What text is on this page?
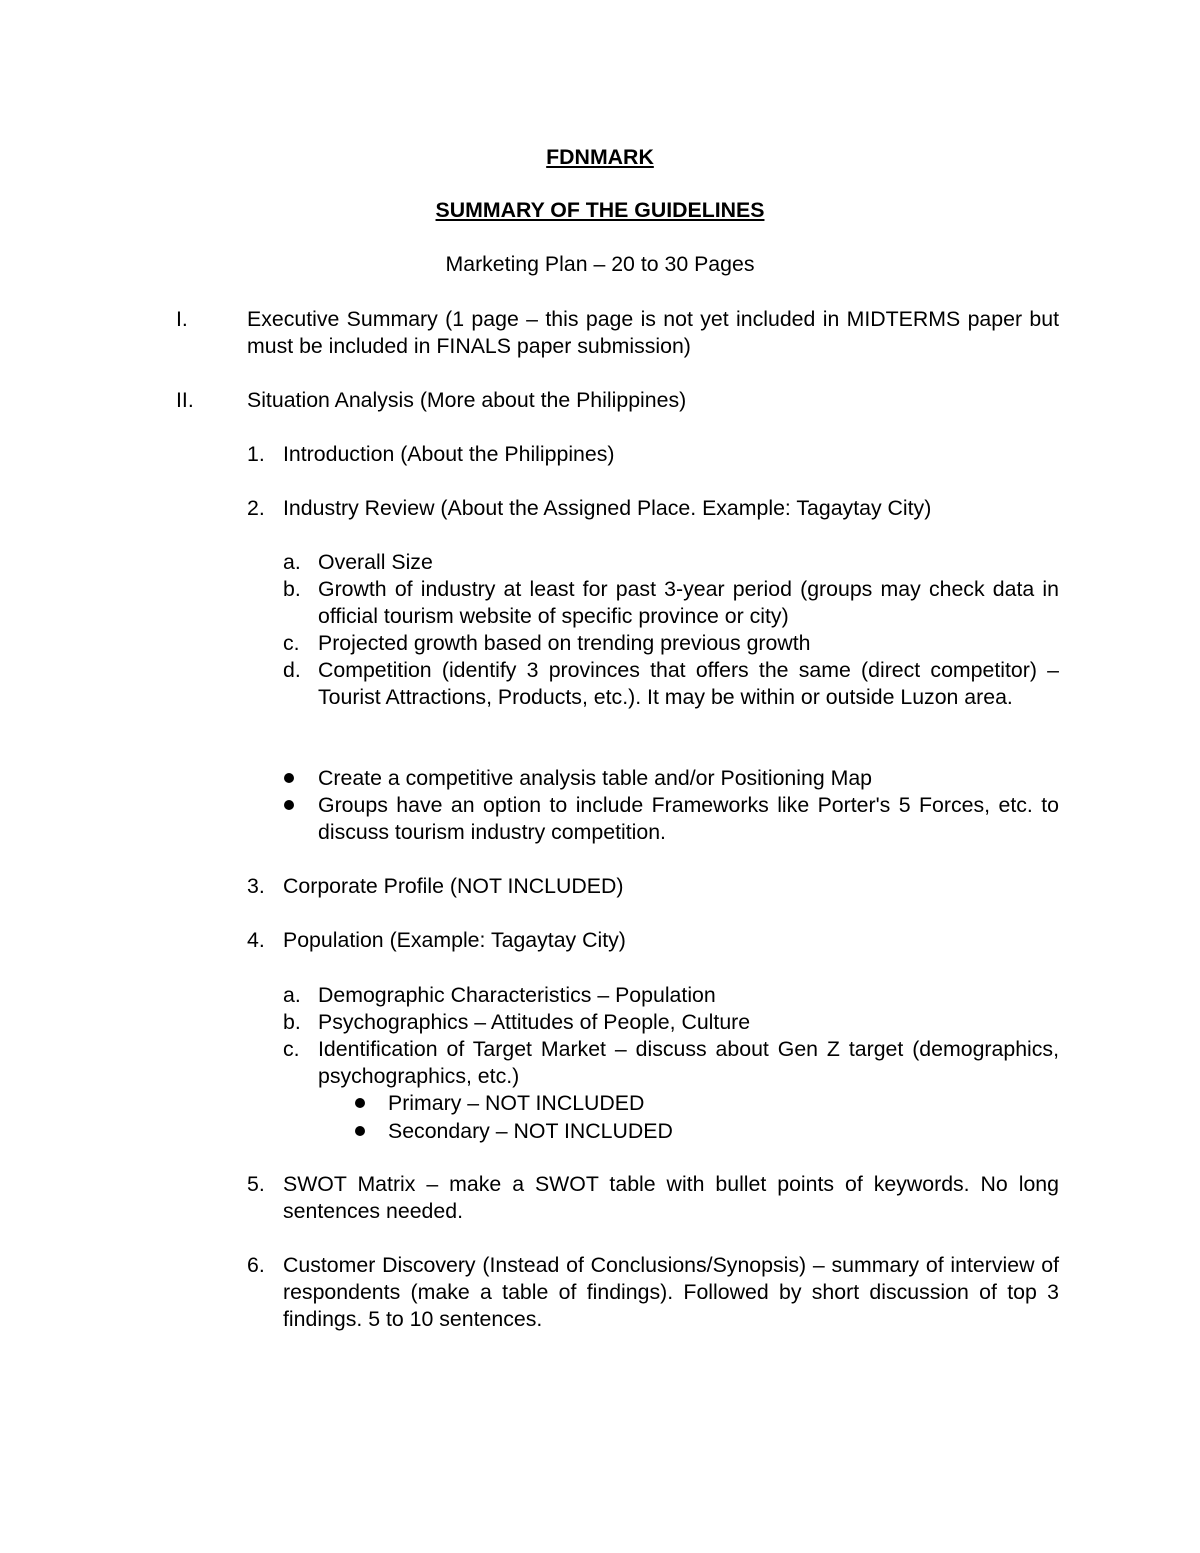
FDNMARK
SUMMARY OF THE GUIDELINES
Marketing Plan – 20 to 30 Pages
I.	Executive Summary (1 page – this page is not yet included in MIDTERMS paper but must be included in FINALS paper submission)
II. Situation Analysis (More about the Philippines)
1. Introduction (About the Philippines)
2. Industry Review (About the Assigned Place. Example: Tagaytay City)
a. Overall Size
b. Growth of industry at least for past 3-year period (groups may check data in official tourism website of specific province or city)
c. Projected growth based on trending previous growth
d. Competition (identify 3 provinces that offers the same (direct competitor) – Tourist Attractions, Products, etc.). It may be within or outside Luzon area.
Create a competitive analysis table and/or Positioning Map
Groups have an option to include Frameworks like Porter's 5 Forces, etc. to discuss tourism industry competition.
3. Corporate Profile (NOT INCLUDED)
4. Population (Example: Tagaytay City)
a. Demographic Characteristics – Population
b. Psychographics – Attitudes of People, Culture
c. Identification of Target Market – discuss about Gen Z target (demographics, psychographics, etc.)
Primary – NOT INCLUDED
Secondary – NOT INCLUDED
5. SWOT Matrix – make a SWOT table with bullet points of keywords. No long sentences needed.
6. Customer Discovery (Instead of Conclusions/Synopsis) – summary of interview of respondents (make a table of findings). Followed by short discussion of top 3 findings. 5 to 10 sentences.
